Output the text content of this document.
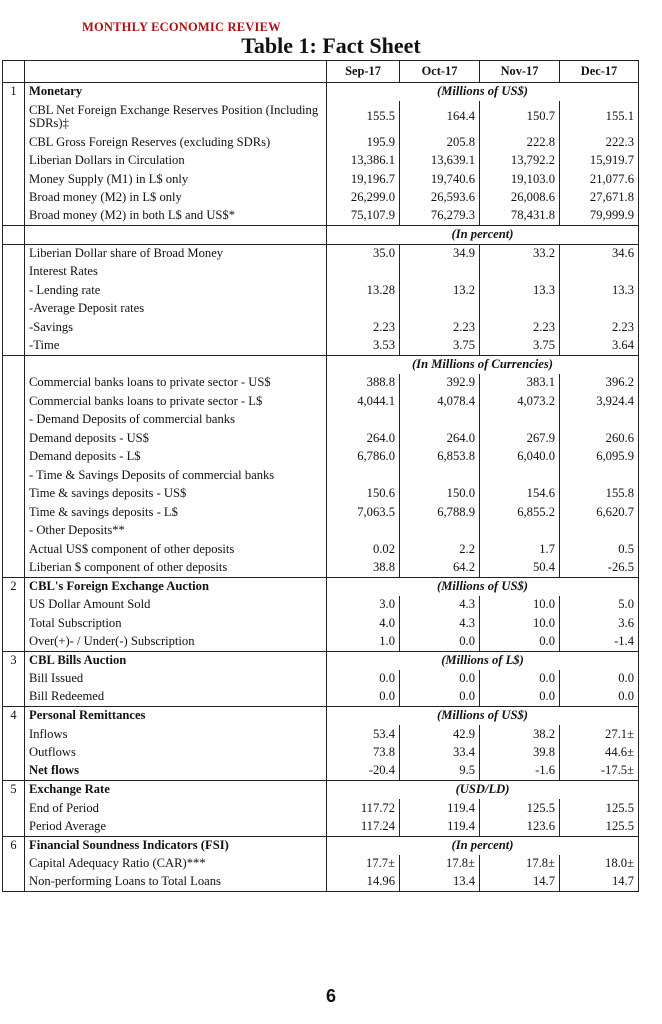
MONTHLY ECONOMIC REVIEW
Table 1: Fact Sheet
		Sep-17	Oct-17	Nov-17	Dec-17
1	Monetary	(Millions of US$)			
	CBL Net Foreign Exchange Reserves Position (Including SDRs)‡	155.5	164.4	150.7	155.1
	CBL Gross Foreign Reserves (excluding SDRs)	195.9	205.8	222.8	222.3
	Liberian Dollars in Circulation	13,386.1	13,639.1	13,792.2	15,919.7
	Money Supply (M1) in L$ only	19,196.7	19,740.6	19,103.0	21,077.6
	Broad money (M2) in L$ only	26,299.0	26,593.6	26,008.6	27,671.8
	Broad money (M2) in both L$ and US$*	75,107.9	76,279.3	78,431.8	79,999.9
		(In percent)			
	Liberian Dollar share of Broad Money	35.0	34.9	33.2	34.6
	Interest Rates				
	- Lending rate	13.28	13.2	13.3	13.3
	-Average Deposit rates				
	-Savings	2.23	2.23	2.23	2.23
	-Time	3.53	3.75	3.75	3.64
		(In Millions of Currencies)			
	Commercial banks loans to private sector - US$	388.8	392.9	383.1	396.2
	Commercial banks loans to private sector - L$	4,044.1	4,078.4	4,073.2	3,924.4
	- Demand Deposits of commercial banks				
	Demand deposits - US$	264.0	264.0	267.9	260.6
	Demand deposits - L$	6,786.0	6,853.8	6,040.0	6,095.9
	- Time & Savings Deposits of commercial banks				
	Time & savings deposits - US$	150.6	150.0	154.6	155.8
	Time & savings deposits - L$	7,063.5	6,788.9	6,855.2	6,620.7
	- Other Deposits**				
	Actual US$ component of other deposits	0.02	2.2	1.7	0.5
	Liberian $ component of other deposits	38.8	64.2	50.4	-26.5
2	CBL's Foreign Exchange Auction	(Millions of US$)			
	US Dollar Amount Sold	3.0	4.3	10.0	5.0
	Total Subscription	4.0	4.3	10.0	3.6
	Over(+)- / Under(-) Subscription	1.0	0.0	0.0	-1.4
3	CBL Bills Auction	(Millions of L$)			
	Bill Issued	0.0	0.0	0.0	0.0
	Bill Redeemed	0.0	0.0	0.0	0.0
4	Personal Remittances	(Millions of US$)			
	Inflows	53.4	42.9	38.2	27.1±
	Outflows	73.8	33.4	39.8	44.6±
	Net flows	-20.4	9.5	-1.6	-17.5±
5	Exchange Rate	(USD/LD)			
	End of Period	117.72	119.4	125.5	125.5
	Period Average	117.24	119.4	123.6	125.5
6	Financial Soundness Indicators (FSI)	(In percent)			
	Capital Adequacy Ratio (CAR)***	17.7±	17.8±	17.8±	18.0±
	Non-performing Loans to Total Loans	14.96	13.4	14.7	14.7
6
